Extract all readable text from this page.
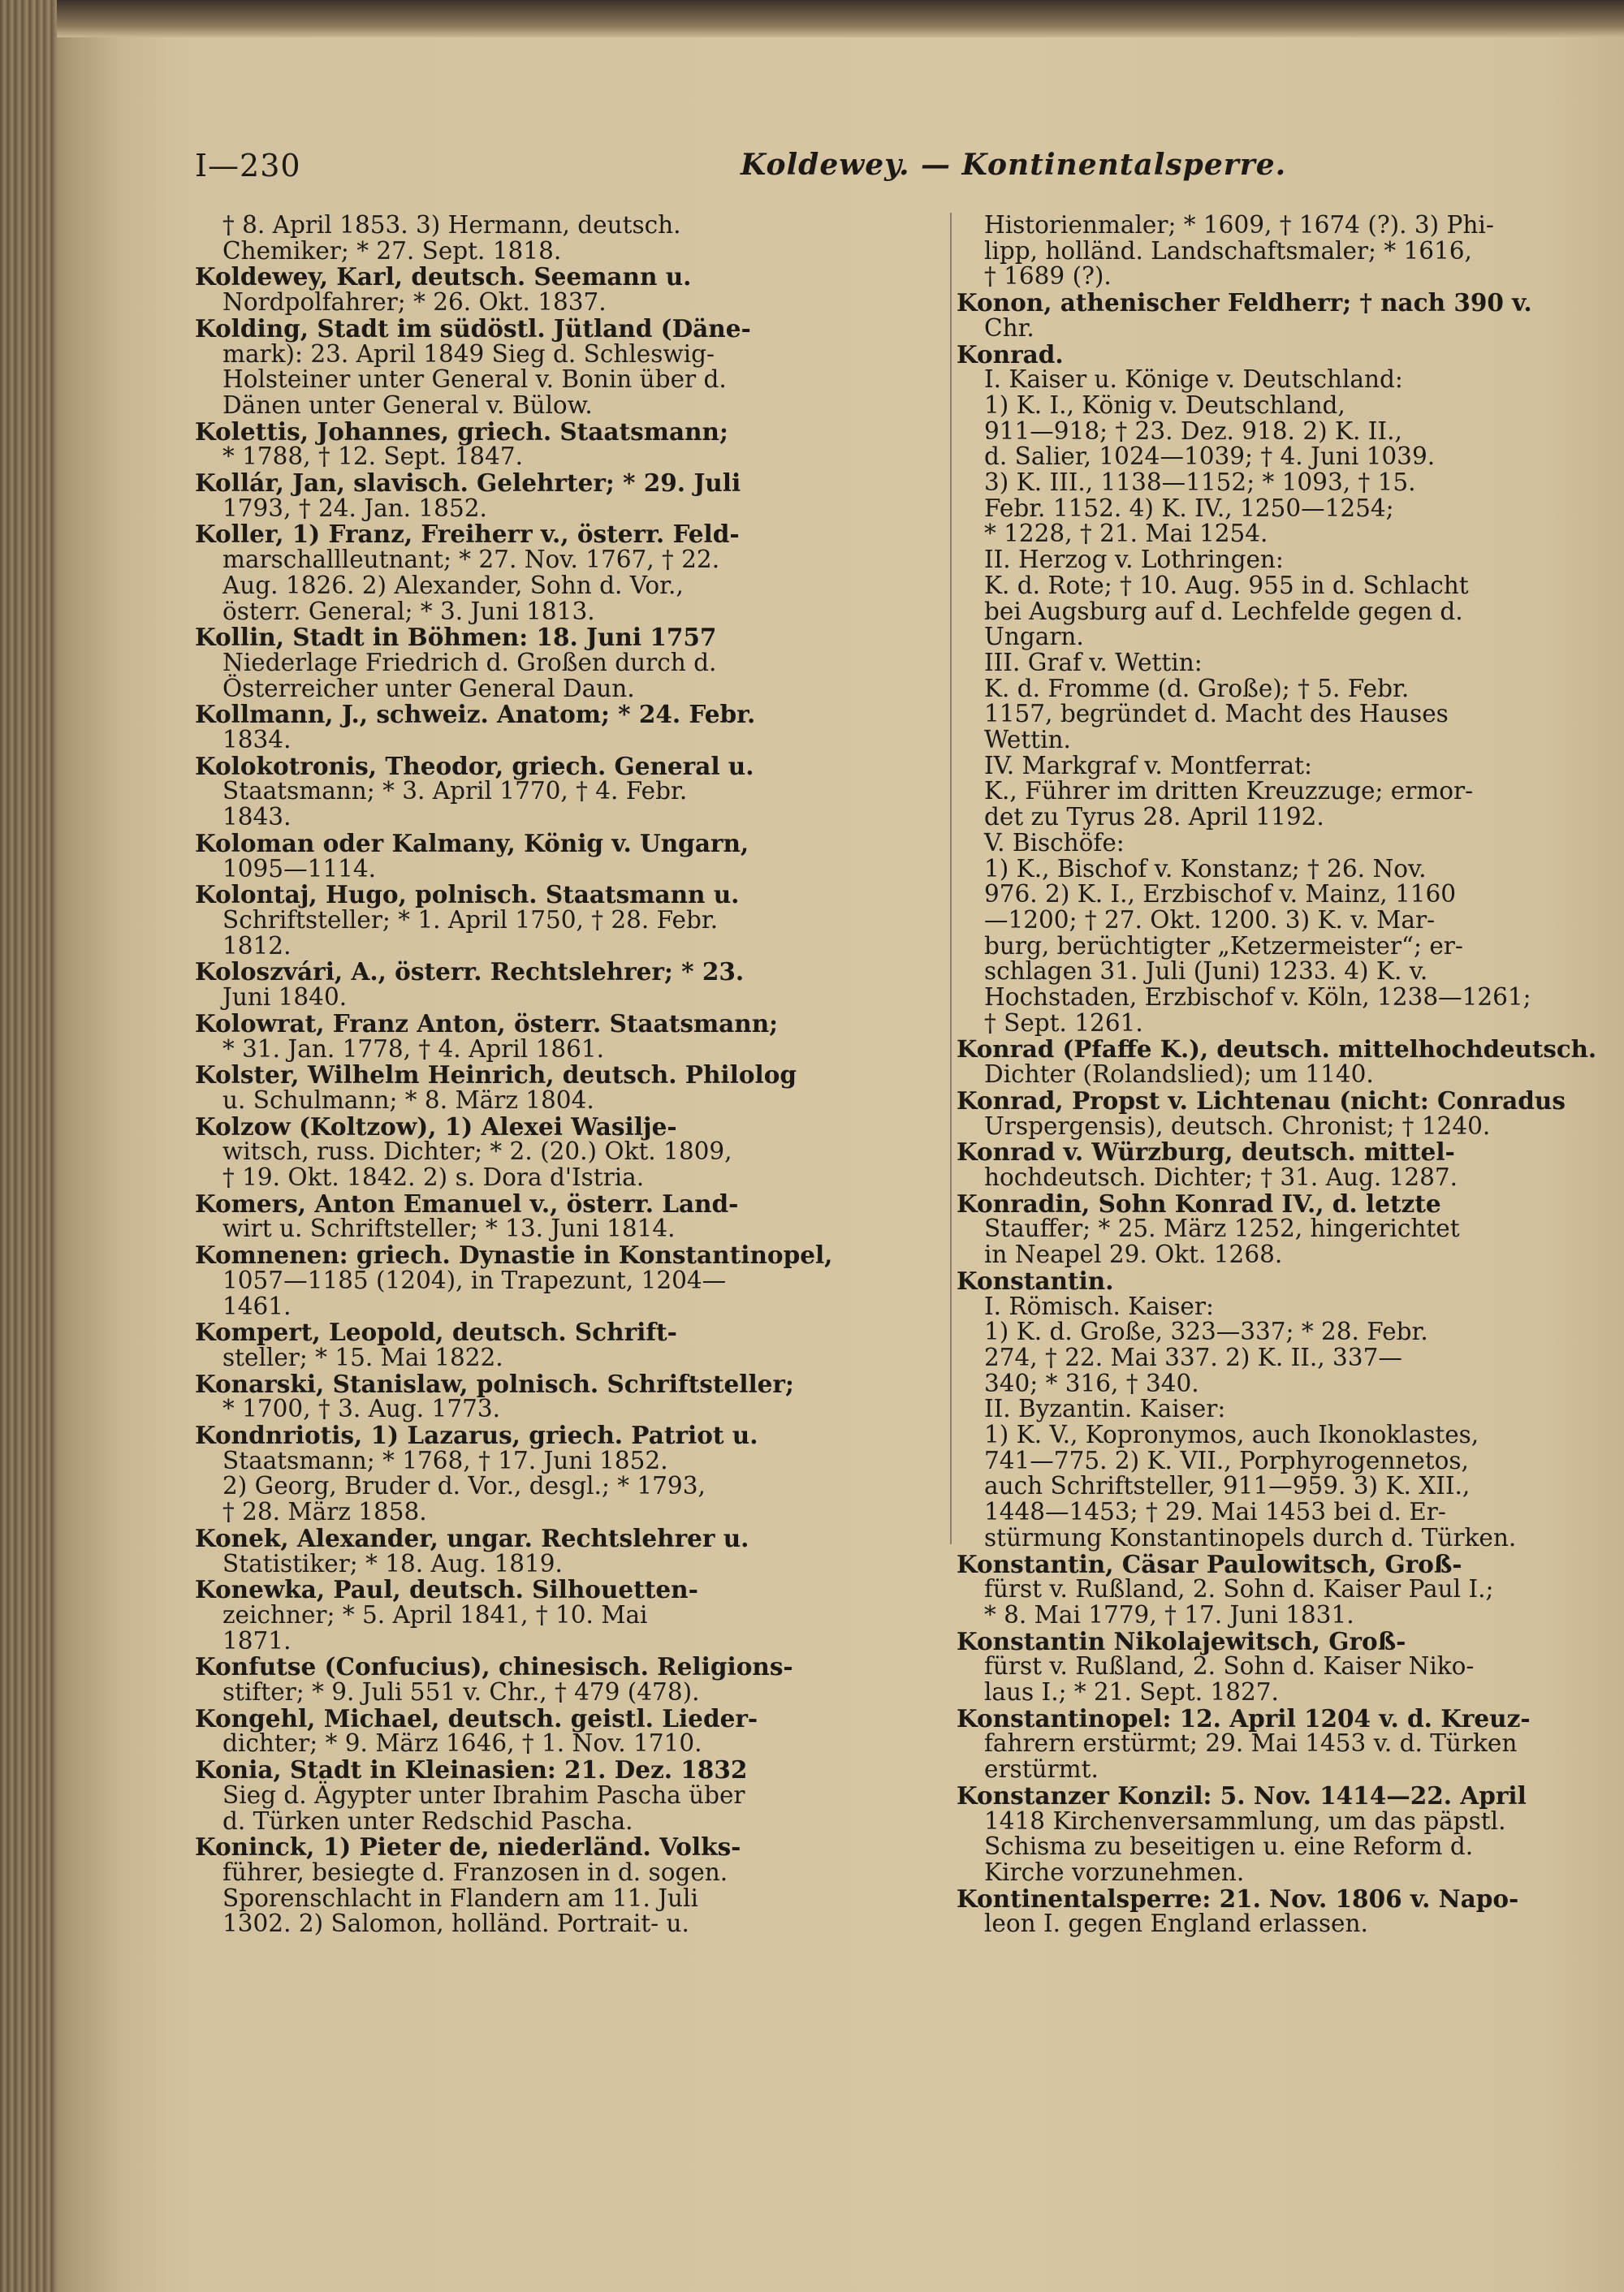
I—230	Koldewey. — Kontinentalsperre.
† 8. April 1853. 3) Hermann, deutsch.
Chemiker; * 27. Sept. 1818.
Koldewey, Karl, deutsch. Seemann u.
Nordpolfahrer; * 26. Okt. 1837.
Kolding, Stadt im südöstl. Jütland (Däne-
mark): 23. April 1849 Sieg d. Schleswig-
Holsteiner unter General v. Bonin über d.
Dänen unter General v. Bülow.
Kolettis, Johannes, griech. Staatsmann;
* 1788, † 12. Sept. 1847.
Kollár, Jan, slavisch. Gelehrter; * 29. Juli
1793, † 24. Jan. 1852.
Koller, 1) Franz, Freiherr v., österr. Feld-
marschallleutnant; * 27. Nov. 1767, † 22.
Aug. 1826. 2) Alexander, Sohn d. Vor.,
österr. General; * 3. Juni 1813.
Kollin, Stadt in Böhmen: 18. Juni 1757
Niederlage Friedrich d. Großen durch d.
Österreicher unter General Daun.
Kollmann, J., schweiz. Anatom; * 24. Febr.
1834.
Kolokotronis, Theodor, griech. General u.
Staatsmann; * 3. April 1770, † 4. Febr.
1843.
Koloman oder Kalmany, König v. Ungarn,
1095—1114.
Kolontaj, Hugo, polnisch. Staatsmann u.
Schriftsteller; * 1. April 1750, † 28. Febr.
1812.
Koloszvári, A., österr. Rechtslehrer; * 23.
Juni 1840.
Kolowrat, Franz Anton, österr. Staatsmann;
* 31. Jan. 1778, † 4. April 1861.
Kolster, Wilhelm Heinrich, deutsch. Philolog
u. Schulmann; * 8. März 1804.
Kolzow (Koltzow), 1) Alexei Wasilje-
witsch, russ. Dichter; * 2. (20.) Okt. 1809,
† 19. Okt. 1842. 2) s. Dora d'Istria.
Komers, Anton Emanuel v., österr. Land-
wirt u. Schriftsteller; * 13. Juni 1814.
Komnenen: griech. Dynastie in Konstantinopel,
1057—1185 (1204), in Trapezunt, 1204—
1461.
Kompert, Leopold, deutsch. Schrift-
steller; * 15. Mai 1822.
Konarski, Stanislaw, polnisch. Schriftsteller;
* 1700, † 3. Aug. 1773.
Kondnriotis, 1) Lazarus, griech. Patriot u.
Staatsmann; * 1768, † 17. Juni 1852.
2) Georg, Bruder d. Vor., desgl.; * 1793,
† 28. März 1858.
Konek, Alexander, ungar. Rechtslehrer u.
Statistiker; * 18. Aug. 1819.
Konewka, Paul, deutsch. Silhouetten-
zeichner; * 5. April 1841, † 10. Mai
1871.
Konfutse (Confucius), chinesisch. Religions-
stifter; * 9. Juli 551 v. Chr., † 479 (478).
Kongehl, Michael, deutsch. geistl. Lieder-
dichter; * 9. März 1646, † 1. Nov. 1710.
Konia, Stadt in Kleinasien: 21. Dez. 1832
Sieg d. Ägypter unter Ibrahim Pascha über
d. Türken unter Redschid Pascha.
Koninck, 1) Pieter de, niederländ. Volks-
führer, besiegte d. Franzosen in d. sogen.
Sporenschlacht in Flandern am 11. Juli
1302. 2) Salomon, holländ. Portrait- u.
Historienmaler; * 1609, † 1674 (?). 3) Phi-
lipp, holländ. Landschaftsmaler; * 1616,
† 1689 (?).
Konon, athenischer Feldherr; † nach 390 v.
Chr.
Konrad.
I. Kaiser u. Könige v. Deutschland:
1) K. I., König v. Deutschland,
911—918; † 23. Dez. 918. 2) K. II.,
d. Salier, 1024—1039; † 4. Juni 1039.
3) K. III., 1138—1152; * 1093, † 15.
Febr. 1152. 4) K. IV., 1250—1254;
* 1228, † 21. Mai 1254.
II. Herzog v. Lothringen:
K. d. Rote; † 10. Aug. 955 in d. Schlacht
bei Augsburg auf d. Lechfelde gegen d.
Ungarn.
III. Graf v. Wettin:
K. d. Fromme (d. Große); † 5. Febr.
1157, begründet d. Macht des Hauses
Wettin.
IV. Markgraf v. Montferrat:
K., Führer im dritten Kreuzzuge; ermor-
det zu Tyrus 28. April 1192.
V. Bischöfe:
1) K., Bischof v. Konstanz; † 26. Nov.
976. 2) K. I., Erzbischof v. Mainz, 1160
—1200; † 27. Okt. 1200. 3) K. v. Mar-
burg, berüchtigter „Ketzermeister“; er-
schlagen 31. Juli (Juni) 1233. 4) K. v.
Hochstaden, Erzbischof v. Köln, 1238—1261;
† Sept. 1261.
Konrad (Pfaffe K.), deutsch. mittelhochdeutsch.
Dichter (Rolandslied); um 1140.
Konrad, Propst v. Lichtenau (nicht: Conradus
Urspergensis), deutsch. Chronist; † 1240.
Konrad v. Würzburg, deutsch. mittel-
hochdeutsch. Dichter; † 31. Aug. 1287.
Konradin, Sohn Konrad IV., d. letzte
Stauffer; * 25. März 1252, hingerichtet
in Neapel 29. Okt. 1268.
Konstantin.
I. Römisch. Kaiser:
1) K. d. Große, 323—337; * 28. Febr.
274, † 22. Mai 337. 2) K. II., 337—
340; * 316, † 340.
II. Byzantin. Kaiser:
1) K. V., Kopronymos, auch Ikonoklastes,
741—775. 2) K. VII., Porphyrogennetos,
auch Schriftsteller, 911—959. 3) K. XII.,
1448—1453; † 29. Mai 1453 bei d. Er-
stürmung Konstantinopels durch d. Türken.
Konstantin, Cäsar Paulowitsch, Groß-
fürst v. Rußland, 2. Sohn d. Kaiser Paul I.;
* 8. Mai 1779, † 17. Juni 1831.
Konstantin Nikolajewitsch, Groß-
fürst v. Rußland, 2. Sohn d. Kaiser Niko-
laus I.; * 21. Sept. 1827.
Konstantinopel: 12. April 1204 v. d. Kreuz-
fahrern erstürmt; 29. Mai 1453 v. d. Türken
erstürmt.
Konstanzer Konzil: 5. Nov. 1414—22. April
1418 Kirchenversammlung, um das päpstl.
Schisma zu beseitigen u. eine Reform d.
Kirche vorzunehmen.
Kontinentalsperre: 21. Nov. 1806 v. Napo-
leon I. gegen England erlassen.
